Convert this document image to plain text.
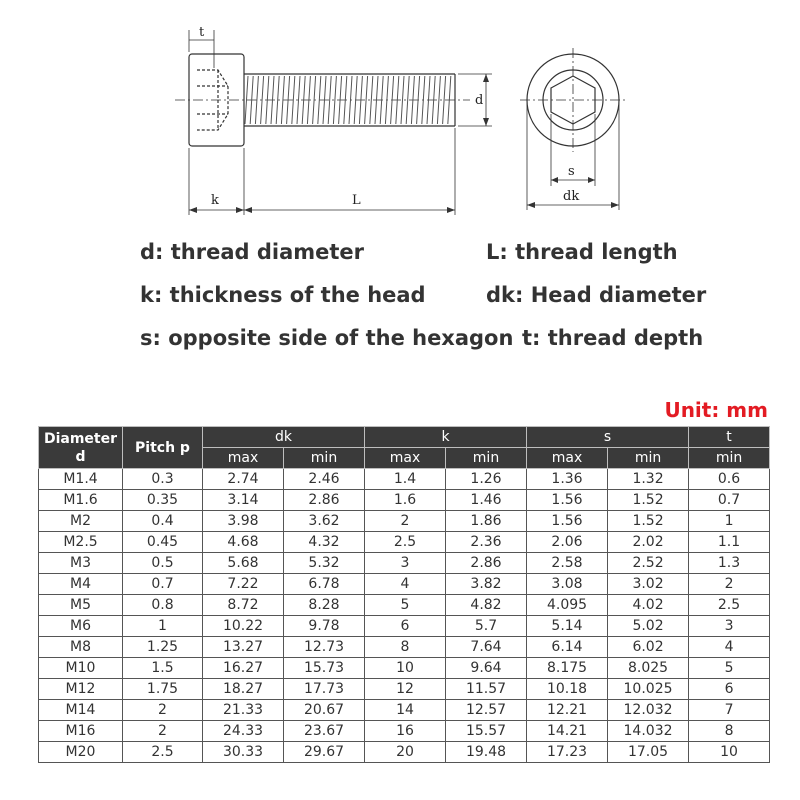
t
d
k	L
s
dk
d: thread diameter	L: thread length
k: thickness of the head	dk: Head diameter
s: opposite side of the hexagon t: thread depth
Unit: mm
Diameter d	Pitch p	dk		k		s		t
		max	min	max	min	max	min	min
M1.4	0.3	2.74	2.46	1.4	1.26	1.36	1.32	0.6
M1.6	0.35	3.14	2.86	1.6	1.46	1.56	1.52	0.7
M2	0.4	3.98	3.62	2	1.86	1.56	1.52	1
M2.5	0.45	4.68	4.32	2.5	2.36	2.06	2.02	1.1
M3	0.5	5.68	5.32	3	2.86	2.58	2.52	1.3
M4	0.7	7.22	6.78	4	3.82	3.08	3.02	2
M5	0.8	8.72	8.28	5	4.82	4.095	4.02	2.5
M6	1	10.22	9.78	6	5.7	5.14	5.02	3
M8	1.25	13.27	12.73	8	7.64	6.14	6.02	4
M10	1.5	16.27	15.73	10	9.64	8.175	8.025	5
M12	1.75	18.27	17.73	12	11.57	10.18	10.025	6
M14	2	21.33	20.67	14	12.57	12.21	12.032	7
M16	2	24.33	23.67	16	15.57	14.21	14.032	8
M20	2.5	30.33	29.67	20	19.48	17.23	17.05	10
